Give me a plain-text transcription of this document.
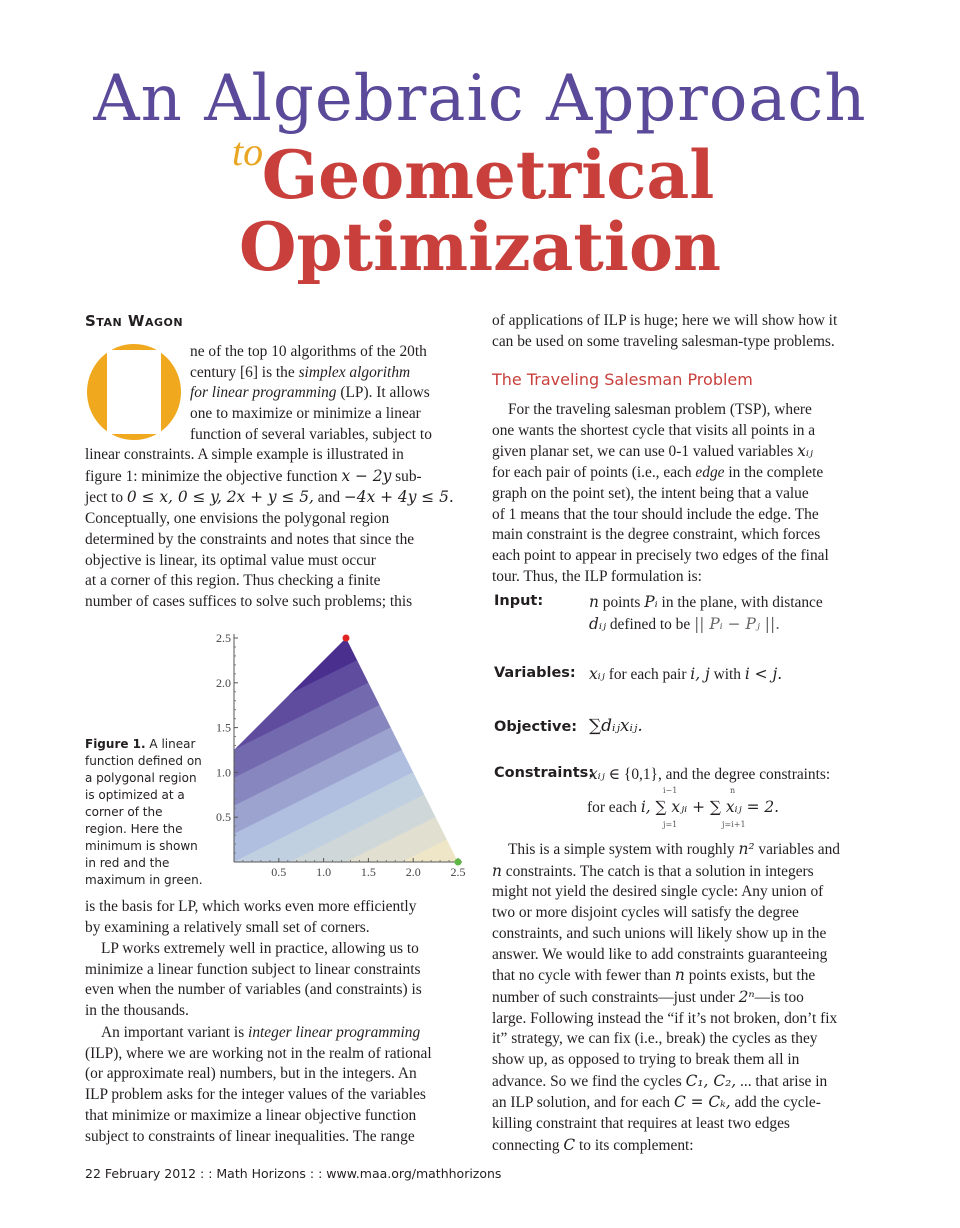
An Algebraic Approach
to
Geometrical
Optimization
Stan Wagon
ne of the top 10 algorithms of the 20th
century [6] is the simplex algorithm
for linear programming (LP). It allows
one to maximize or minimize a linear
function of several variables, subject to
linear constraints. A simple example is illustrated in
figure 1: minimize the objective function x − 2y sub-
ject to 0 ≤ x, 0 ≤ y, 2x + y ≤ 5, and −4x + 4y ≤ 5.
Conceptually, one envisions the polygonal region
determined by the constraints and notes that since the
objective is linear, its optimal value must occur
at a corner of this region. Thus checking a finite
number of cases suffices to solve such problems; this
Figure 1. A linear function defined on a polygonal region is optimized at a corner of the region. Here the minimum is shown in red and the maximum in green.
0.5 1.0 1.5 2.0 2.5
0.5
1.0
1.5
2.0
2.5
is the basis for LP, which works even more efficiently
by examining a relatively small set of corners.
LP works extremely well in practice, allowing us to
minimize a linear function subject to linear constraints
even when the number of variables (and constraints) is
in the thousands.
An important variant is integer linear programming
(ILP), where we are working not in the realm of rational
(or approximate real) numbers, but in the integers. An
ILP problem asks for the integer values of the variables
that minimize or maximize a linear objective function
subject to constraints of linear inequalities. The range
of applications of ILP is huge; here we will show how it
can be used on some traveling salesman-type problems.
The Traveling Salesman Problem
For the traveling salesman problem (TSP), where
one wants the shortest cycle that visits all points in a
given planar set, we can use 0-1 valued variables xᵢⱼ
for each pair of points (i.e., each edge in the complete
graph on the point set), the intent being that a value
of 1 means that the tour should include the edge. The
main constraint is the degree constraint, which forces
each point to appear in precisely two edges of the final
tour. Thus, the ILP formulation is:
Input:	n points Pᵢ in the plane, with distance
dᵢⱼ defined to be || Pᵢ − Pⱼ ||.
Variables: xᵢⱼ for each pair i, j with i < j.
Objective: ∑dᵢⱼxᵢⱼ.
Constraints:
xᵢⱼ ∈ {0,1}, and the degree constraints:
for each i, ∑ xⱼᵢ + ∑ xᵢⱼ = 2.
i−1
j=1
n
j=i+1
This is a simple system with roughly n² variables and
n constraints. The catch is that a solution in integers
might not yield the desired single cycle: Any union of
two or more disjoint cycles will satisfy the degree
constraints, and such unions will likely show up in the
answer. We would like to add constraints guaranteeing
that no cycle with fewer than n points exists, but the
number of such constraints—just under 2ⁿ—is too
large. Following instead the “if it’s not broken, don’t fix
it” strategy, we can fix (i.e., break) the cycles as they
show up, as opposed to trying to break them all in
advance. So we find the cycles C₁, C₂, ... that arise in
an ILP solution, and for each C = Cₖ, add the cycle-
killing constraint that requires at least two edges
connecting C to its complement:
22 February 2012 : : Math Horizons : : www.maa.org/mathhorizons
